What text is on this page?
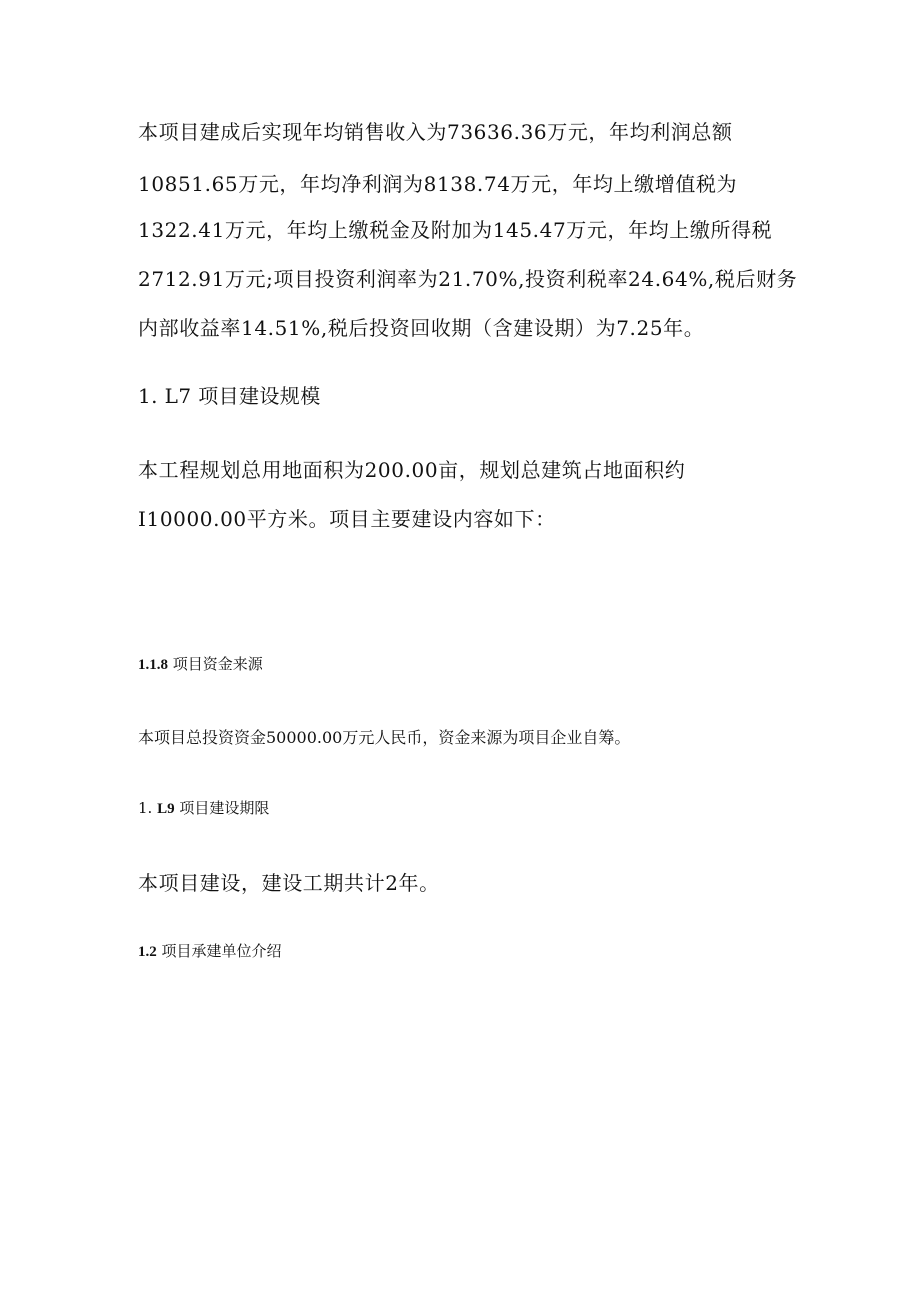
本项目建成后实现年均销售收入为73636.36万元，年均利润总额
10851.65万元，年均净利润为8138.74万元，年均上缴增值税为
1322.41万元，年均上缴税金及附加为145.47万元，年均上缴所得税
2712.91万元;项目投资利润率为21.70%,投资利税率24.64%,税后财务
内部收益率14.51%,税后投资回收期（含建设期）为7.25年。
1. L7 项目建设规模
本工程规划总用地面积为200.00亩，规划总建筑占地面积约
I10000.00平方米。项目主要建设内容如下：
1.1.8 项目资金来源
本项目总投资资金50000.00万元人民币，资金来源为项目企业自筹。
1. L9 项目建设期限
本项目建设，建设工期共计2年。
1.2 项目承建单位介绍
